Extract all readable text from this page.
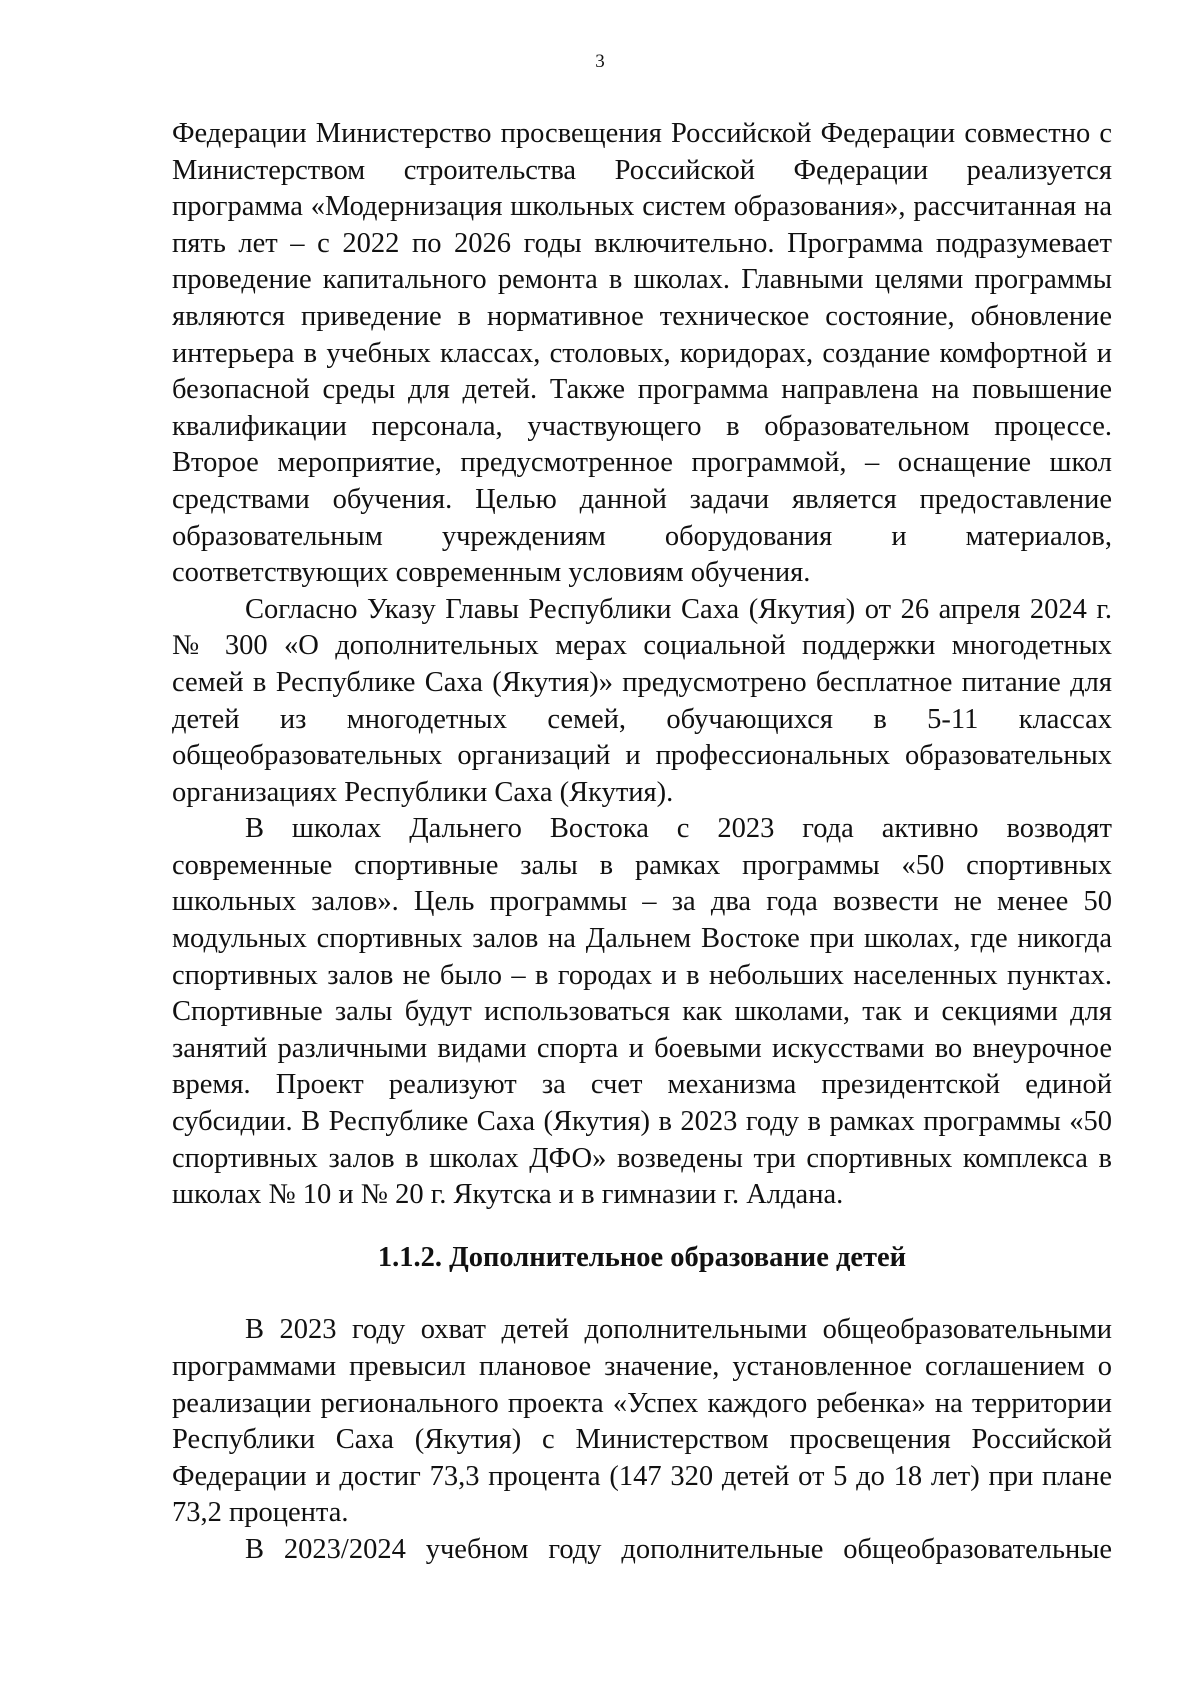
3

Федерации Министерство просвещения Российской Федерации совместно с Министерством строительства Российской Федерации реализуется программа «Модернизация школьных систем образования», рассчитанная на пять лет – с 2022 по 2026 годы включительно. Программа подразумевает проведение капитального ремонта в школах. Главными целями программы являются приведение в нормативное техническое состояние, обновление интерьера в учебных классах, столовых, коридорах, создание комфортной и безопасной среды для детей. Также программа направлена на повышение квалификации персонала, участвующего в образовательном процессе. Второе мероприятие, предусмотренное программой, – оснащение школ средствами обучения. Целью данной задачи является предоставление образовательным учреждениям оборудования и материалов, соответствующих современным условиям обучения.

Согласно Указу Главы Республики Саха (Якутия) от 26 апреля 2024 г. № 300 «О дополнительных мерах социальной поддержки многодетных семей в Республике Саха (Якутия)» предусмотрено бесплатное питание для детей из многодетных семей, обучающихся в 5-11 классах общеобразовательных организаций и профессиональных образовательных организациях Республики Саха (Якутия).

В школах Дальнего Востока с 2023 года активно возводят современные спортивные залы в рамках программы «50 спортивных школьных залов». Цель программы – за два года возвести не менее 50 модульных спортивных залов на Дальнем Востоке при школах, где никогда спортивных залов не было – в городах и в небольших населенных пунктах. Спортивные залы будут использоваться как школами, так и секциями для занятий различными видами спорта и боевыми искусствами во внеурочное время. Проект реализуют за счет механизма президентской единой субсидии. В Республике Саха (Якутия) в 2023 году в рамках программы «50 спортивных залов в школах ДФО» возведены три спортивных комплекса в школах № 10 и № 20 г. Якутска и в гимназии г. Алдана.

1.1.2. Дополнительное образование детей

В 2023 году охват детей дополнительными общеобразовательными программами превысил плановое значение, установленное соглашением о реализации регионального проекта «Успех каждого ребенка» на территории Республики Саха (Якутия) с Министерством просвещения Российской Федерации и достиг 73,3 процента (147 320 детей от 5 до 18 лет) при плане 73,2 процента.

В 2023/2024 учебном году дополнительные общеобразовательные
